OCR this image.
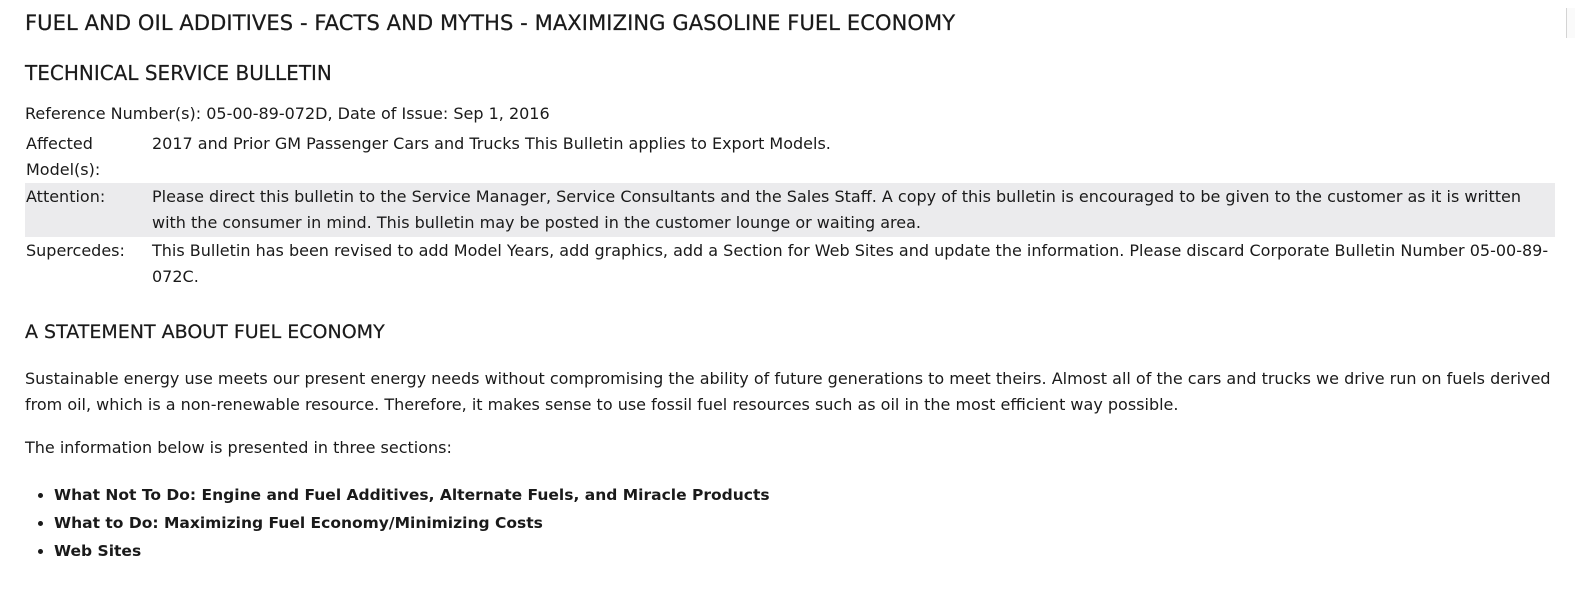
FUEL AND OIL ADDITIVES - FACTS AND MYTHS - MAXIMIZING GASOLINE FUEL ECONOMY
TECHNICAL SERVICE BULLETIN
Reference Number(s): 05-00-89-072D, Date of Issue: Sep 1, 2016
Affected Model(s):	2017 and Prior GM Passenger Cars and Trucks This Bulletin applies to Export Models.
Attention:	Please direct this bulletin to the Service Manager, Service Consultants and the Sales Staff. A copy of this bulletin is encouraged to be given to the customer as it is written with the consumer in mind. This bulletin may be posted in the customer lounge or waiting area.
Supercedes:	This Bulletin has been revised to add Model Years, add graphics, add a Section for Web Sites and update the information. Please discard Corporate Bulletin Number 05-00-89-072C.
A STATEMENT ABOUT FUEL ECONOMY

Sustainable energy use meets our present energy needs without compromising the ability of future generations to meet theirs. Almost all of the cars and trucks we drive run on fuels derived from oil, which is a non-renewable resource. Therefore, it makes sense to use fossil fuel resources such as oil in the most efficient way possible.

The information below is presented in three sections:

• What Not To Do: Engine and Fuel Additives, Alternate Fuels, and Miracle Products
• What to Do: Maximizing Fuel Economy/Minimizing Costs
• Web Sites
